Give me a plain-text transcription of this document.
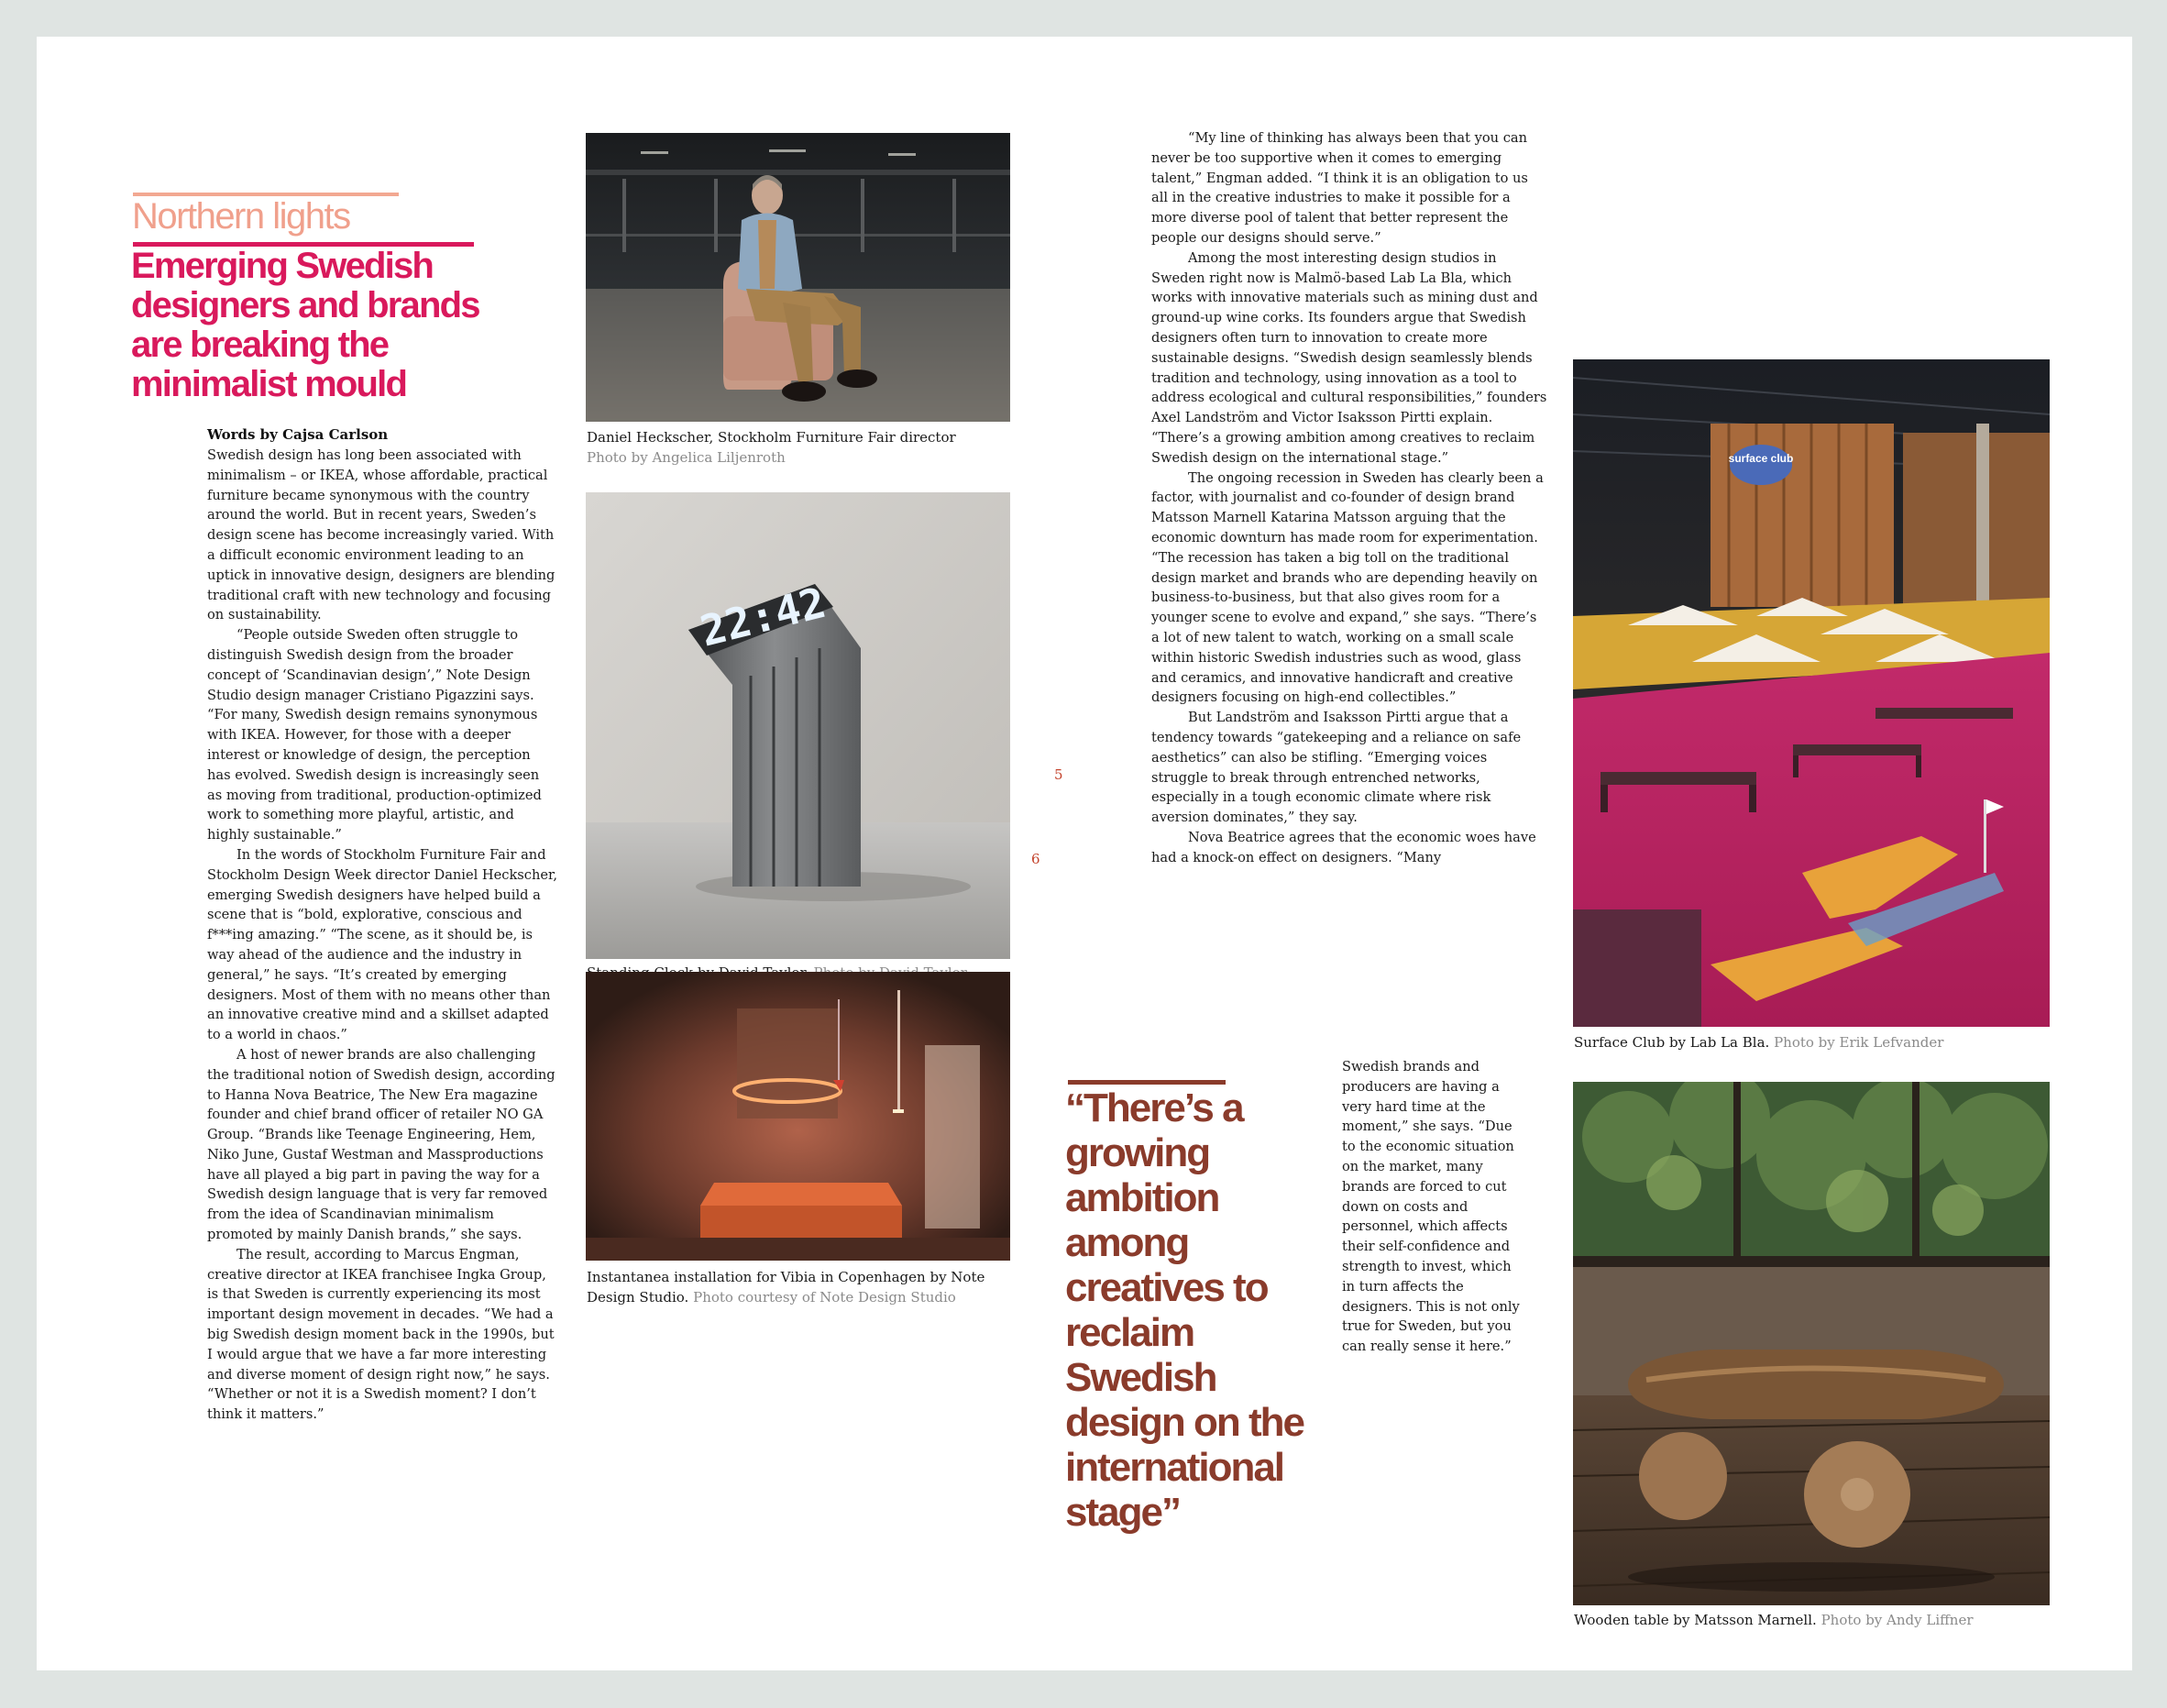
Northern lights
Emerging Swedish designers and brands are breaking the minimalist mould
Words by Cajsa Carlson

Swedish design has long been associated with minimalism – or IKEA, whose affordable, practical furniture became synonymous with the country around the world. But in recent years, Sweden’s design scene has become increasingly varied. With a difficult economic environment leading to an uptick in innovative design, designers are blending traditional craft with new technology and focusing on sustainability.

“People outside Sweden often struggle to distinguish Swedish design from the broader concept of ‘Scandinavian design’,” Note Design Studio design manager Cristiano Pigazzini says. “For many, Swedish design remains synonymous with IKEA. However, for those with a deeper interest or knowledge of design, the perception has evolved. Swedish design is increasingly seen as moving from traditional, production-optimized work to something more playful, artistic, and highly sustainable.”

In the words of Stockholm Furniture Fair and Stockholm Design Week director Daniel Heckscher, emerging Swedish designers have helped build a scene that is “bold, explorative, conscious and f***ing amazing.” “The scene, as it should be, is way ahead of the audience and the industry in general,” he says. “It’s created by emerging designers. Most of them with no means other than an innovative creative mind and a skillset adapted to a world in chaos.”

A host of newer brands are also challenging the traditional notion of Swedish design, according to Hanna Nova Beatrice, The New Era magazine founder and chief brand officer of retailer NO GA Group. “Brands like Teenage Engineering, Hem, Niko June, Gustaf Westman and Massproductions have all played a big part in paving the way for a Swedish design language that is very far removed from the idea of Scandinavian minimalism promoted by mainly Danish brands,” she says.

The result, according to Marcus Engman, creative director at IKEA franchisee Ingka Group, is that Sweden is currently experiencing its most important design movement in decades. “We had a big Swedish design moment back in the 1990s, but I would argue that we have a far more interesting and diverse moment of design right now,” he says. “Whether or not it is a Swedish moment? I don’t think it matters.”

Daniel Heckscher, Stockholm Furniture Fair director
Photo by Angelica Liljenroth
22:42
Instantanea installation for Vibia in Copenhagen by Note Design Studio. Photo courtesy of Note Design Studio
6
5

“My line of thinking has always been that you can never be too supportive when it comes to emerging talent,” Engman added. “I think it is an obligation to us all in the creative industries to make it possible for a more diverse pool of talent that better represent the people our designs should serve.”

Among the most interesting design studios in Sweden right now is Malmö-based Lab La Bla, which works with innovative materials such as mining dust and ground-up wine corks. Its founders argue that Swedish designers often turn to innovation to create more sustainable designs. “Swedish design seamlessly blends tradition and technology, using innovation as a tool to address ecological and cultural responsibilities,” founders Axel Landström and Victor Isaksson Pirtti explain. “There’s a growing ambition among creatives to reclaim Swedish design on the international stage.”

The ongoing recession in Sweden has clearly been a factor, with journalist and co-founder of design brand Matsson Marnell Katarina Matsson arguing that the economic downturn has made room for experimentation. “The recession has taken a big toll on the traditional design market and brands who are depending heavily on business-to-business, but that also gives room for a younger scene to evolve and expand,” she says. “There’s a lot of new talent to watch, working on a small scale within historic Swedish industries such as wood, glass and ceramics, and innovative handicraft and creative designers focusing on high-end collectibles.”

But Landström and Isaksson Pirtti argue that a tendency towards “gatekeeping and a reliance on safe aesthetics” can also be stifling. “Emerging voices struggle to break through entrenched networks, especially in a tough economic climate where risk aversion dominates,” they say.

Nova Beatrice agrees that the economic woes have had a knock-on effect on designers. “Many

Swedish brands and producers are having a very hard time at the moment,” she says. “Due to the economic situation on the market, many brands are forced to cut down on costs and personnel, which affects their self-confidence and strength to invest, which in turn affects the designers. This is not only true for Sweden, but you can really sense it here.”

“There’s a growing ambition among creatives to reclaim Swedish design on the international stage”
surface club
Surface Club by Lab La Bla. Photo by Erik Lefvander
Wooden table by Matsson Marnell. Photo by Andy Liffner
